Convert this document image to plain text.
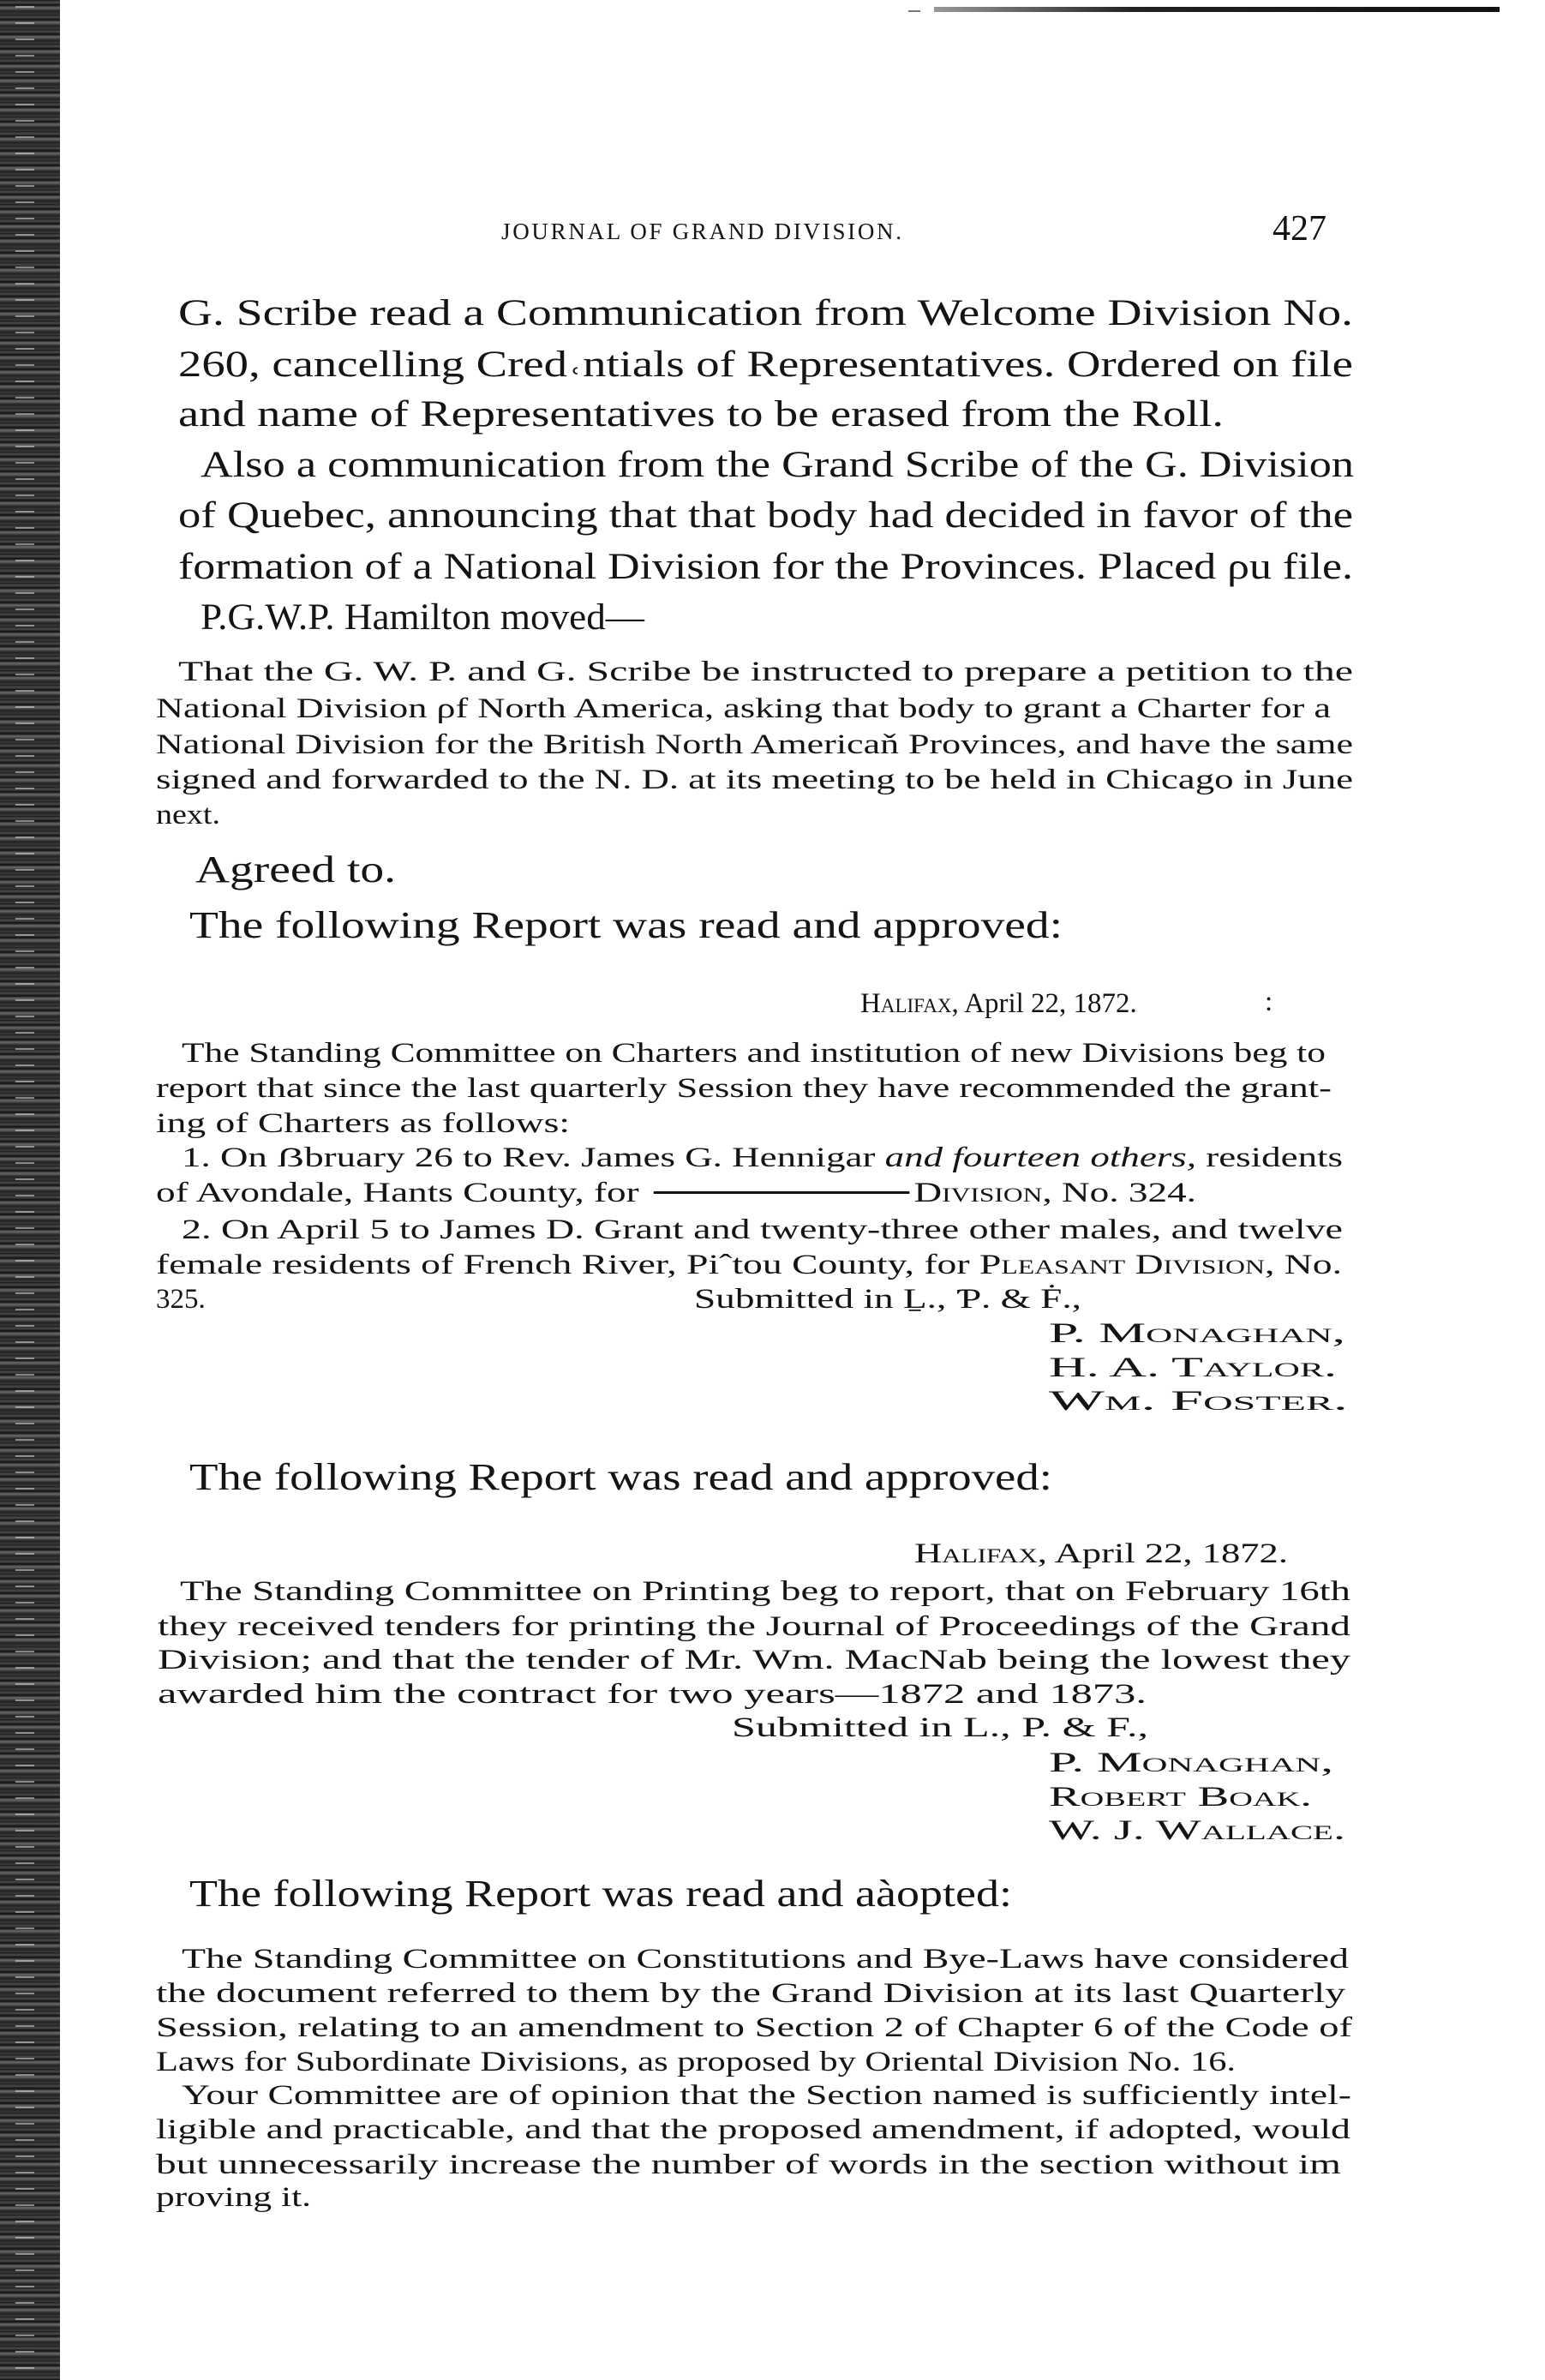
JOURNAL OF GRAND DIVISION.	427
G. Scribe read a Communication from Welcome Division No.
260, cancelling Cred˓ntials of Representatives. Ordered on file
and name of Representatives to be erased from the Roll.
Also a communication from the Grand Scribe of the G. Division
of Quebec, announcing that that body had decided in favor of the
formation of a National Division for the Provinces. Placed ρu file.
P.G.W.P. Hamilton moved—
That the G. W. P. and G. Scribe be instructed to prepare a petition to the
National Division ρf North America, asking that body to grant a Charter for a
National Division for the British North Americaň Provinces, and have the same
signed and forwarded to the N. D. at its meeting to be held in Chicago in June
next.
Agreed to.
The following Report was read and approved:
Halifax, April 22, 1872.	:
The Standing Committee on Charters and institution of new Divisions beg to
report that since the last quarterly Session they have recommended the grant-
ing of Charters as follows:
1. On ẞbruary 26 to Rev. James G. Hennigar and fourteen others, residents
of Avondale, Hants County, for	Division, No. 324.
2. On April 5 to James D. Grant and twenty-three other males, and twelve
female residents of French River, Piˆtou County, for Pleasant Division, No.
325.	Submitted in Ḻ., Ƥ. & Ḟ.,
P. Monaghan,
H. A. Taylor.
Wm. Foster.
The following Report was read and approved:
Halifax, April 22, 1872.
The Standing Committee on Printing beg to report, that on February 16th
they received tenders for printing the Journal of Proceedings of the Grand
Division; and that the tender of Mr. Wm. MacNab being the lowest they
awarded him the contract for two years—1872 and 1873.
Submitted in L., P. & F.,
P. Monaghan,
Robert Boak.
W. J. Wallace.
The following Report was read and aàopted:
The Standing Committee on Constitutions and Bye-Laws have considered
the document referred to them by the Grand Division at its last Quarterly
Session, relating to an amendment to Section 2 of Chapter 6 of the Code of
Laws for Subordinate Divisions, as proposed by Oriental Division No. 16.
Your Committee are of opinion that the Section named is sufficiently intel-
ligible and practicable, and that the proposed amendment, if adopted, would
but unnecessarily increase the number of words in the section without im
proving it.
